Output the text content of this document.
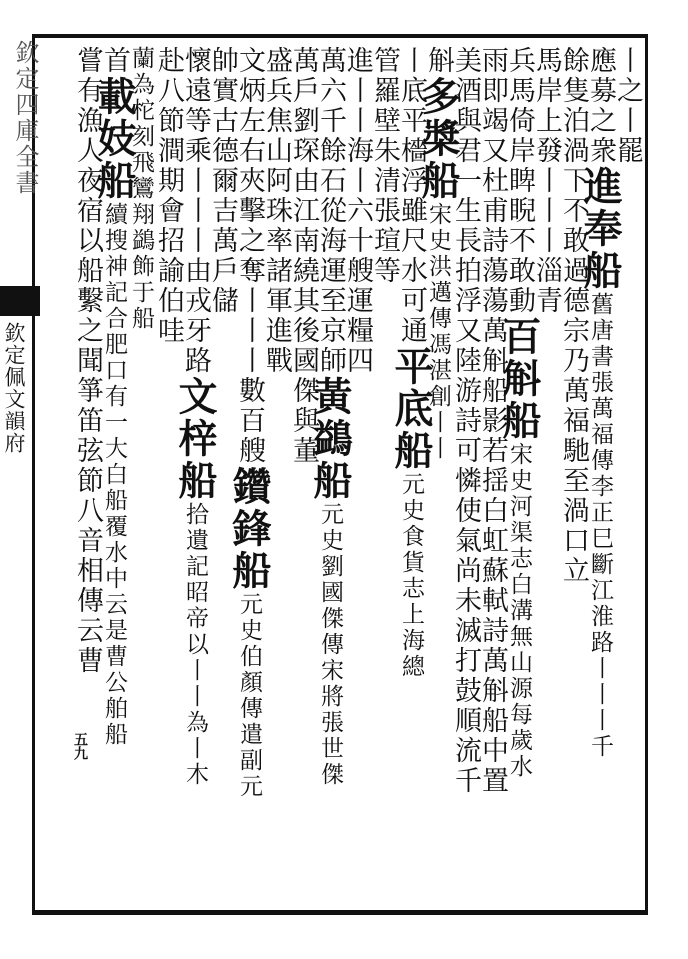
欽定四庫全書
欽定佩文韻府
五九
丨之丨罷
應募之衆進奉船舊唐書張萬福傳李正巳斷江淮路丨丨丨千
餘隻泊渦下不敢過德宗乃萬福馳至渦口立
馬岸上發丨丨丨淄青
兵馬倚岸睥睨不敢動百斛船宋史河渠志白溝無山源每歲水
雨即竭又杜甫詩蕩蕩萬斛船影若揺白虹蘇軾詩萬斛船中置
美酒與君一生長拍浮又陸游詩可憐使氣尚未滅打鼓順流千
斛多槳船宋史洪邁傳馮湛創丨丨
丨底平檣浮雖尺水可通平底船元史食貨志上海總
管羅壁朱清張瑄等
進丨丨海丨六十艘運糧四
萬六千餘石從海運至京師黃鷁船元史劉國傑傳宋將張世傑
萬戶劉琛由江南繞其後國傑與董
盛兵焦山阿珠率諸軍進戰
文炳左右夾擊之奪丨丨丨數百艘鑽鋒船元史伯顏傳遣副元
帥實古德爾吉萬戶儲
懷遠等乘丨丨丨由戎牙路文梓船拾遺記昭帝以丨丨為丨木
赴八節澗期會招諭伯哇
蘭為柁刻飛鸞翔鷁飾于船
首載妓船續搜神記合肥口有一大白船覆水中云是曹公舶船
嘗有漁人夜宿以船繫之聞箏笛弦節八音相傳云曹
